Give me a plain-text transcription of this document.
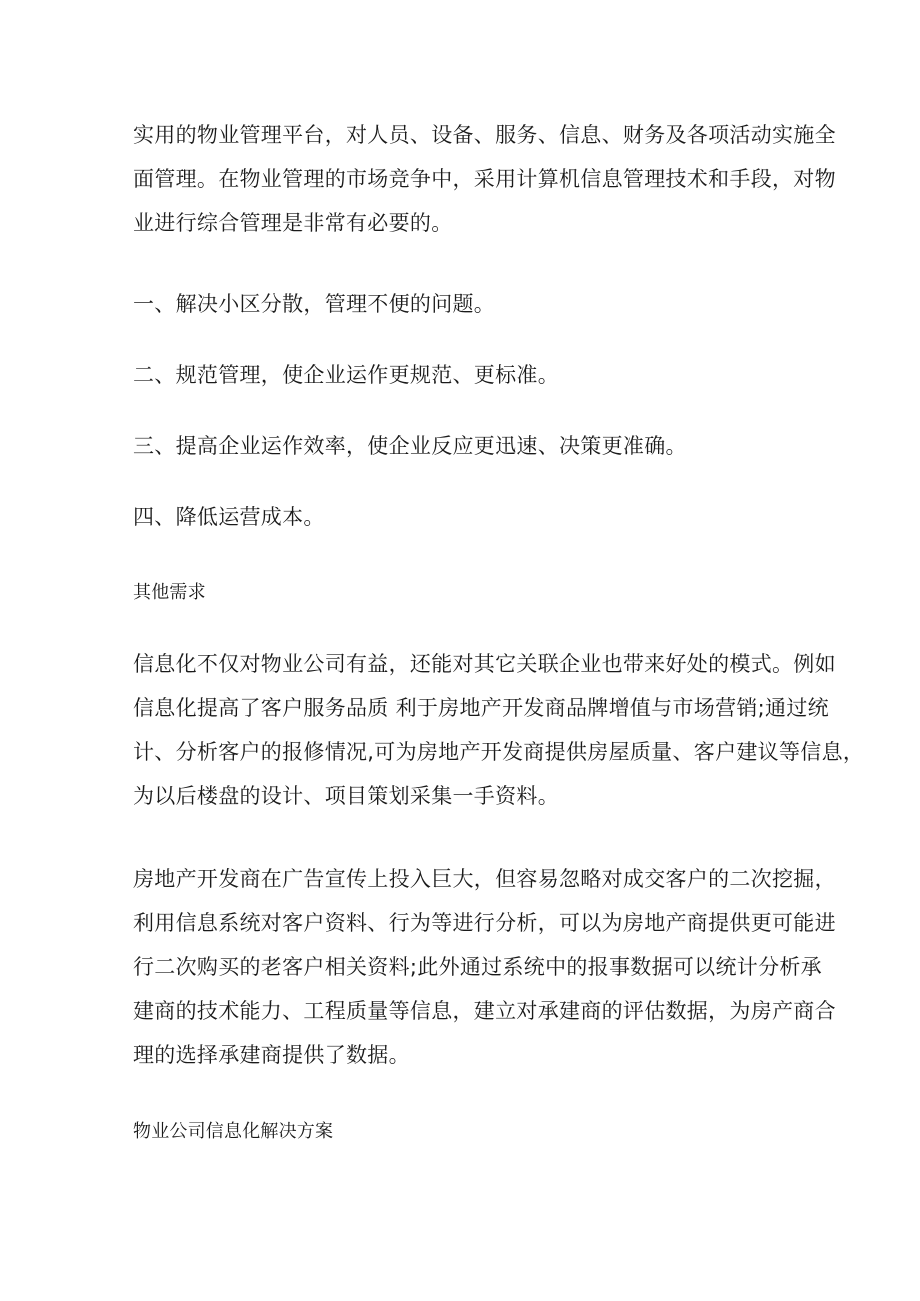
实用的物业管理平台，对人员、设备、服务、信息、财务及各项活动实施全
面管理。在物业管理的市场竞争中，采用计算机信息管理技术和手段，对物
业进行综合管理是非常有必要的。
一、解决小区分散，管理不便的问题。
二、规范管理，使企业运作更规范、更标准。
三、提高企业运作效率，使企业反应更迅速、决策更准确。
四、降低运营成本。
其他需求
信息化不仅对物业公司有益，还能对其它关联企业也带来好处的模式。例如
信息化提高了客户服务品质 利于房地产开发商品牌增值与市场营销;通过统
计、分析客户的报修情况,可为房地产开发商提供房屋质量、客户建议等信息，
为以后楼盘的设计、项目策划采集一手资料。
房地产开发商在广告宣传上投入巨大，但容易忽略对成交客户的二次挖掘，
利用信息系统对客户资料、行为等进行分析，可以为房地产商提供更可能进
行二次购买的老客户相关资料;此外通过系统中的报事数据可以统计分析承
建商的技术能力、工程质量等信息，建立对承建商的评估数据，为房产商合
理的选择承建商提供了数据。
物业公司信息化解决方案
